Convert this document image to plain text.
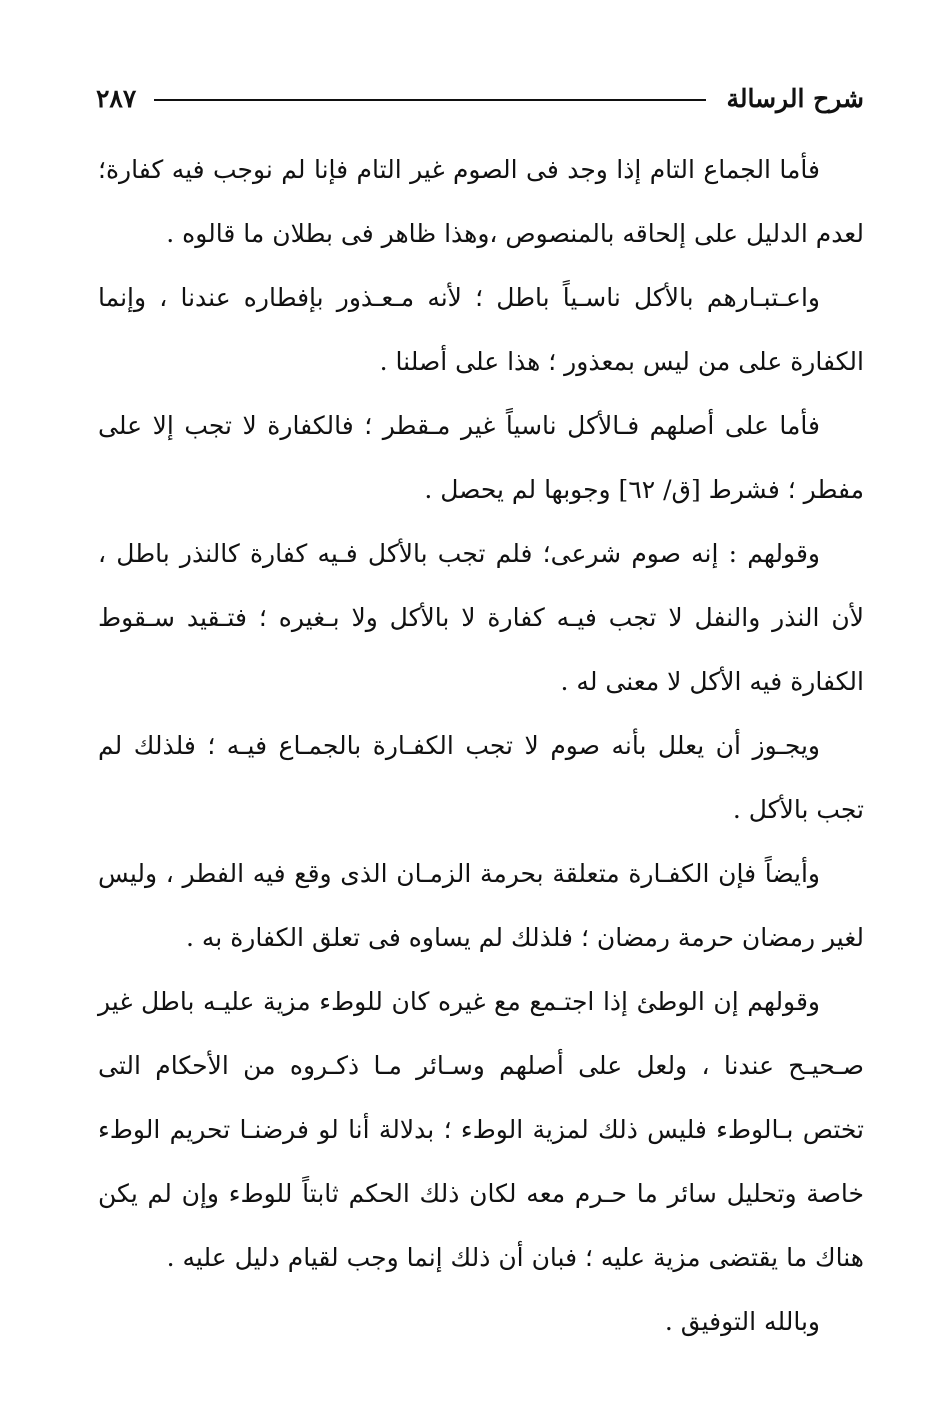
شرح الرسالة
٢٨٧
فأما الجماع التام إذا وجد فى الصوم غير التام فإنا لم نوجب فيه كفارة؛
لعدم الدليل على إلحاقه بالمنصوص ،وهذا ظاهر فى بطلان ما قالوه .
واعـتبـارهم بالأكل ناسـياً باطل ؛ لأنه مـعـذور بإفطاره عندنا ، وإنما
الكفارة على من ليس بمعذور ؛ هذا على أصلنا .
فأما على أصلهم فـالأكل ناسياً غير مـقطر ؛ فالكفارة لا تجب إلا على
مفطر ؛ فشرط [ق/ ٦٢] وجوبها لم يحصل .
وقولهم : إنه صوم شرعى؛ فلم تجب بالأكل فـيه كفارة كالنذر باطل ،
لأن النذر والنفل لا تجب فيـه كفارة لا بالأكل ولا بـغيره ؛ فتـقيد سـقوط
الكفارة فيه الأكل لا معنى له .
ويجـوز أن يعلل بأنه صوم لا تجب الكفـارة بالجمـاع فيـه ؛ فلذلك لم
تجب بالأكل .
وأيضاً فإن الكفـارة متعلقة بحرمة الزمـان الذى وقع فيه الفطر ، وليس
لغير رمضان حرمة رمضان ؛ فلذلك لم يساوه فى تعلق الكفارة به .
وقولهم إن الوطئ إذا اجتـمع مع غيره كان للوطء مزية عليـه باطل غير
صـحيـح عندنا ، ولعل على أصلهم وسـائر مـا ذكـروه من الأحكام التى
تختص بـالوطء فليس ذلك لمزية الوطء ؛ بدلالة أنا لو فرضنـا تحريم الوطء
خاصة وتحليل سائر ما حـرم معه لكان ذلك الحكم ثابتاً للوطء وإن لم يكن
هناك ما يقتضى مزية عليه ؛ فبان أن ذلك إنما وجب لقيام دليل عليه .
وبالله التوفيق .
